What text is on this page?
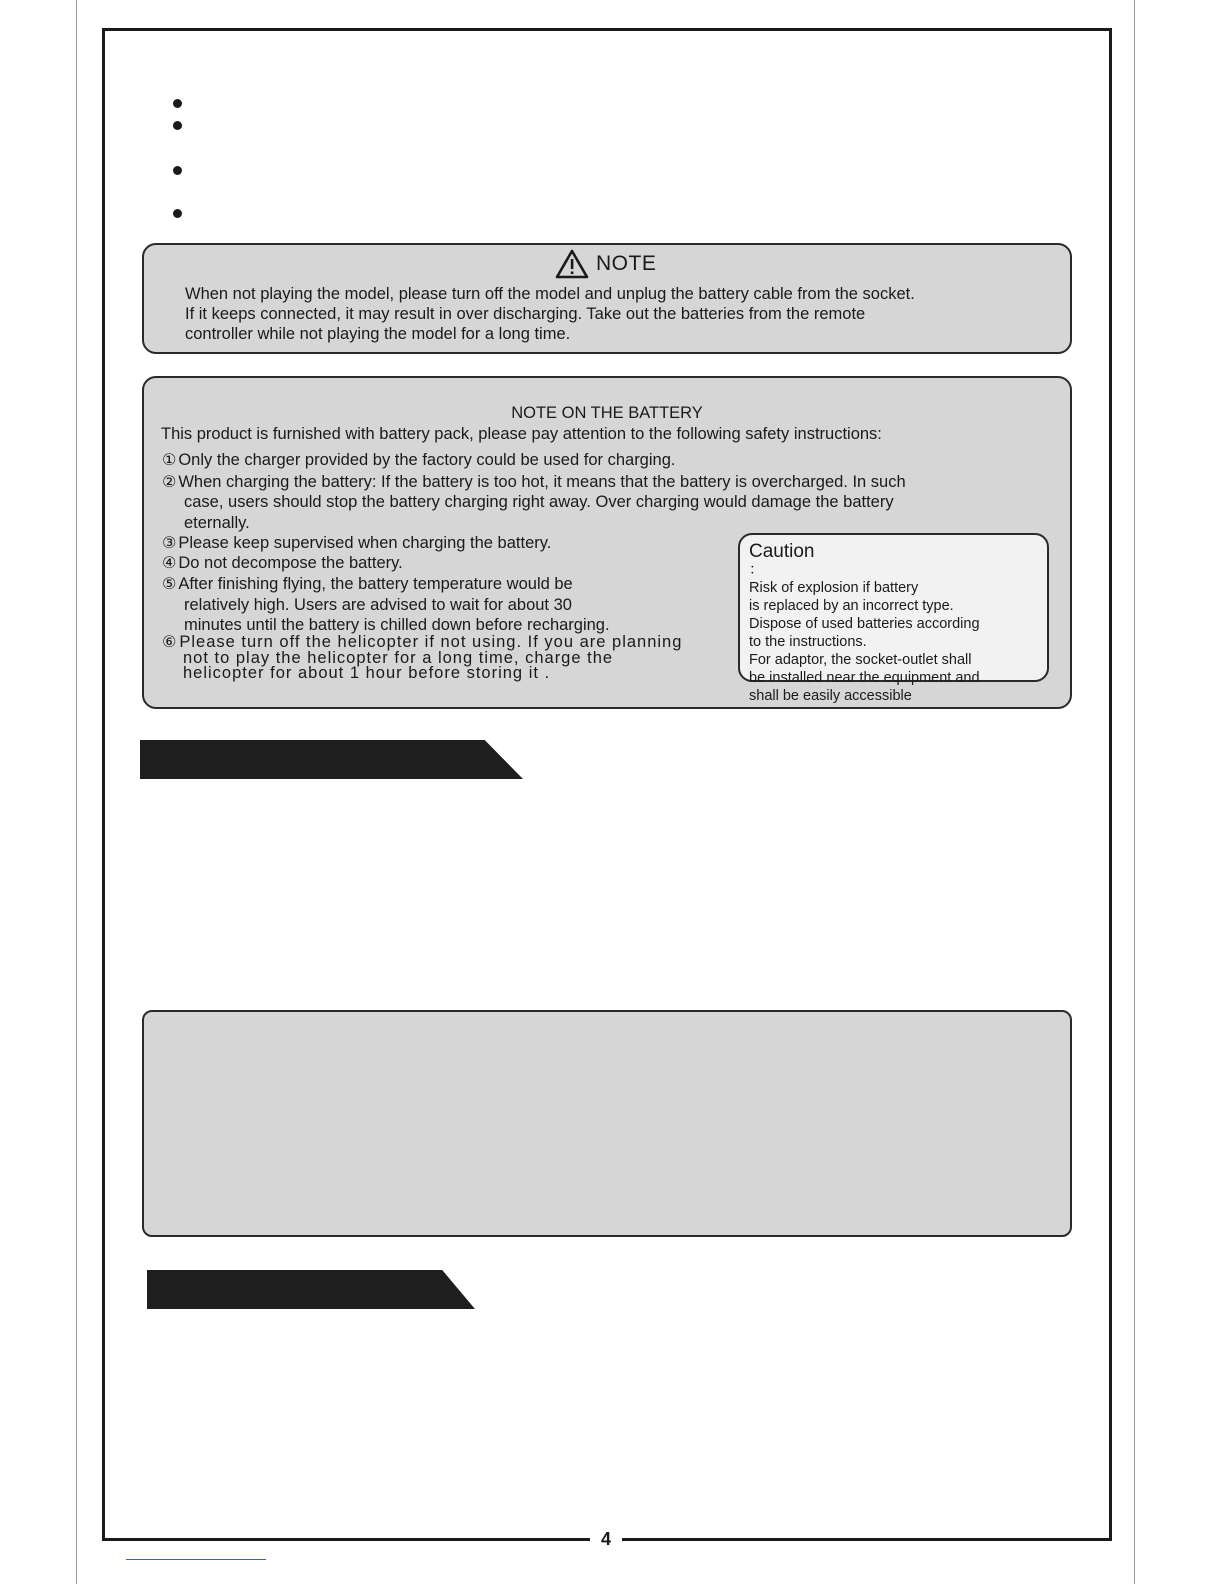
4
NOTE
When not playing the model, please turn off the model and unplug the battery cable from the socket.
If it keeps connected, it may result in over discharging. Take out the batteries from the remote
controller while not playing the model for a long time.
NOTE ON THE BATTERY
This product is furnished with battery pack, please pay attention to the following safety instructions:
① Only the charger provided by the factory could be used for charging.
② When charging the battery: If the battery is too hot, it means that the battery is overcharged. In such
case, users should stop the battery charging right away. Over charging would damage the battery
eternally.
③ Please keep supervised when charging the battery.
④ Do not decompose the battery.
⑤ After finishing flying, the battery temperature would be
relatively high. Users are advised to wait for about 30
minutes until the battery is chilled down before recharging.
⑥ Please turn off the helicopter if not using. If you are planning
not to play the helicopter for a long time, charge the
helicopter for about 1 hour before storing it .
Caution
：
Risk of explosion if battery
is replaced by an incorrect type.
Dispose of used batteries according
to the instructions.
For adaptor, the socket-outlet shall
be installed near the equipment and
shall be easily accessible
